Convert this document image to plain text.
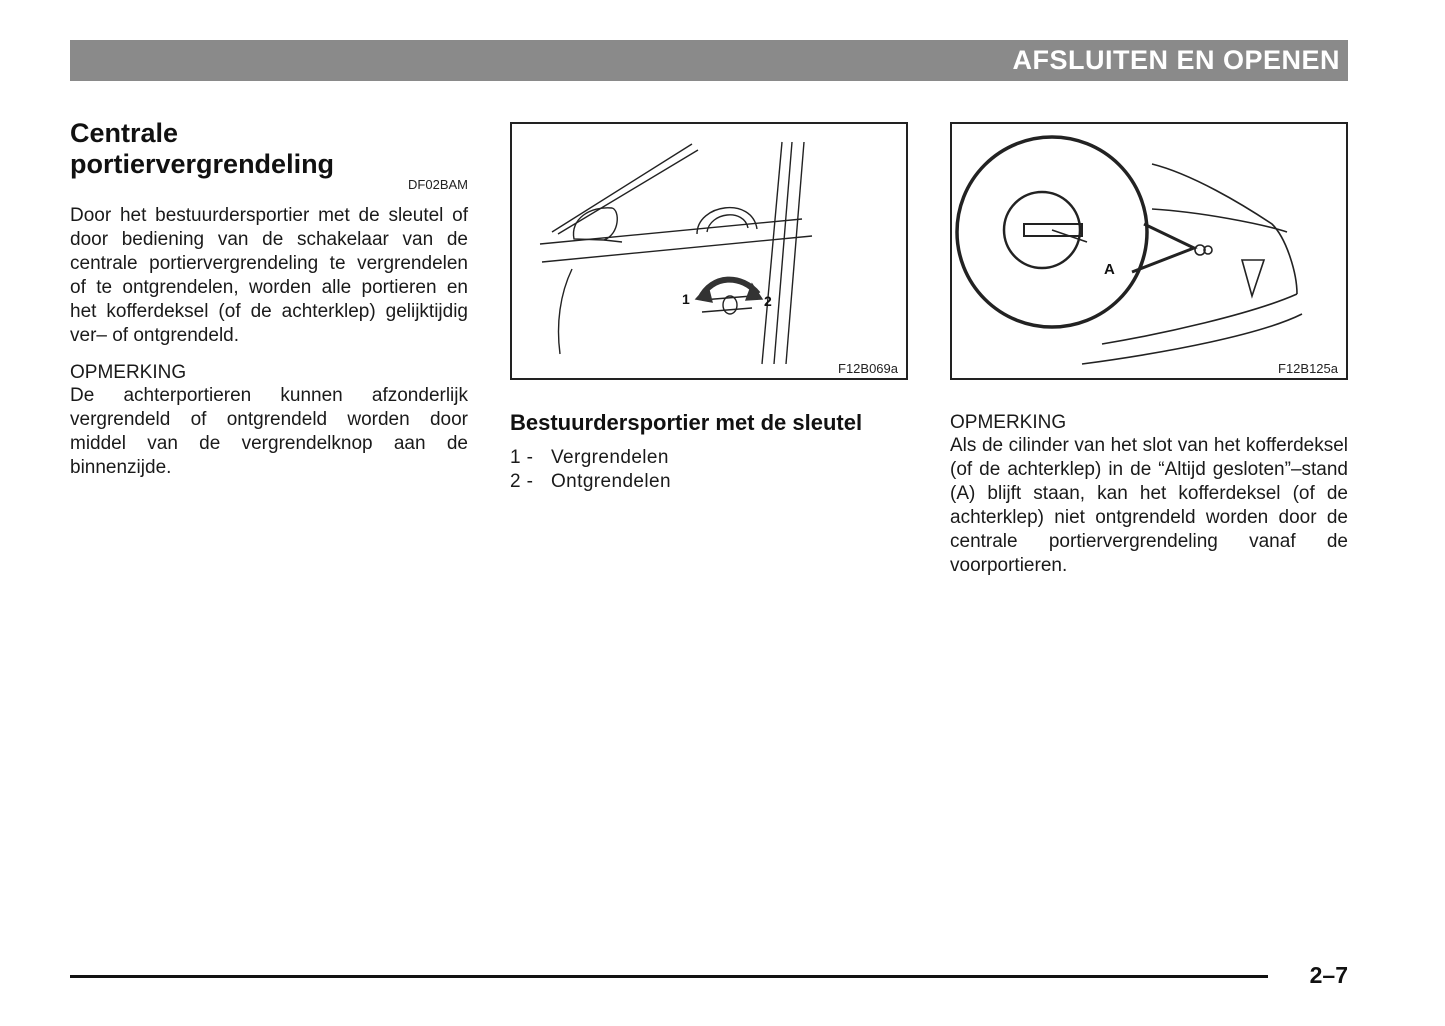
AFSLUITEN EN OPENEN
Centrale
portiervergrendeling
DF02BAM

Door het bestuurdersportier met de sleutel of door bediening van de schakelaar van de centrale portiervergrendeling te vergrendelen of te ontgrendelen, worden alle portieren en het kofferdeksel (of de achterklep) gelijktijdig ver– of ontgrendeld.

OPMERKING

De achterportieren kunnen afzonderlijk vergrendeld of ontgrendeld worden door middel van de vergrendelknop aan de binnenzijde.

1	2
F12B069a
Bestuurdersportier met de sleutel
1 - Vergrendelen
2 - Ontgrendelen
A
F12B125a
OPMERKING

Als de cilinder van het slot van het kofferdeksel (of de achterklep) in de “Altijd gesloten”–stand (A) blijft staan, kan het kofferdeksel (of de achterklep) niet ontgrendeld worden door de centrale portiervergrendeling vanaf de voorportieren.

2–7
